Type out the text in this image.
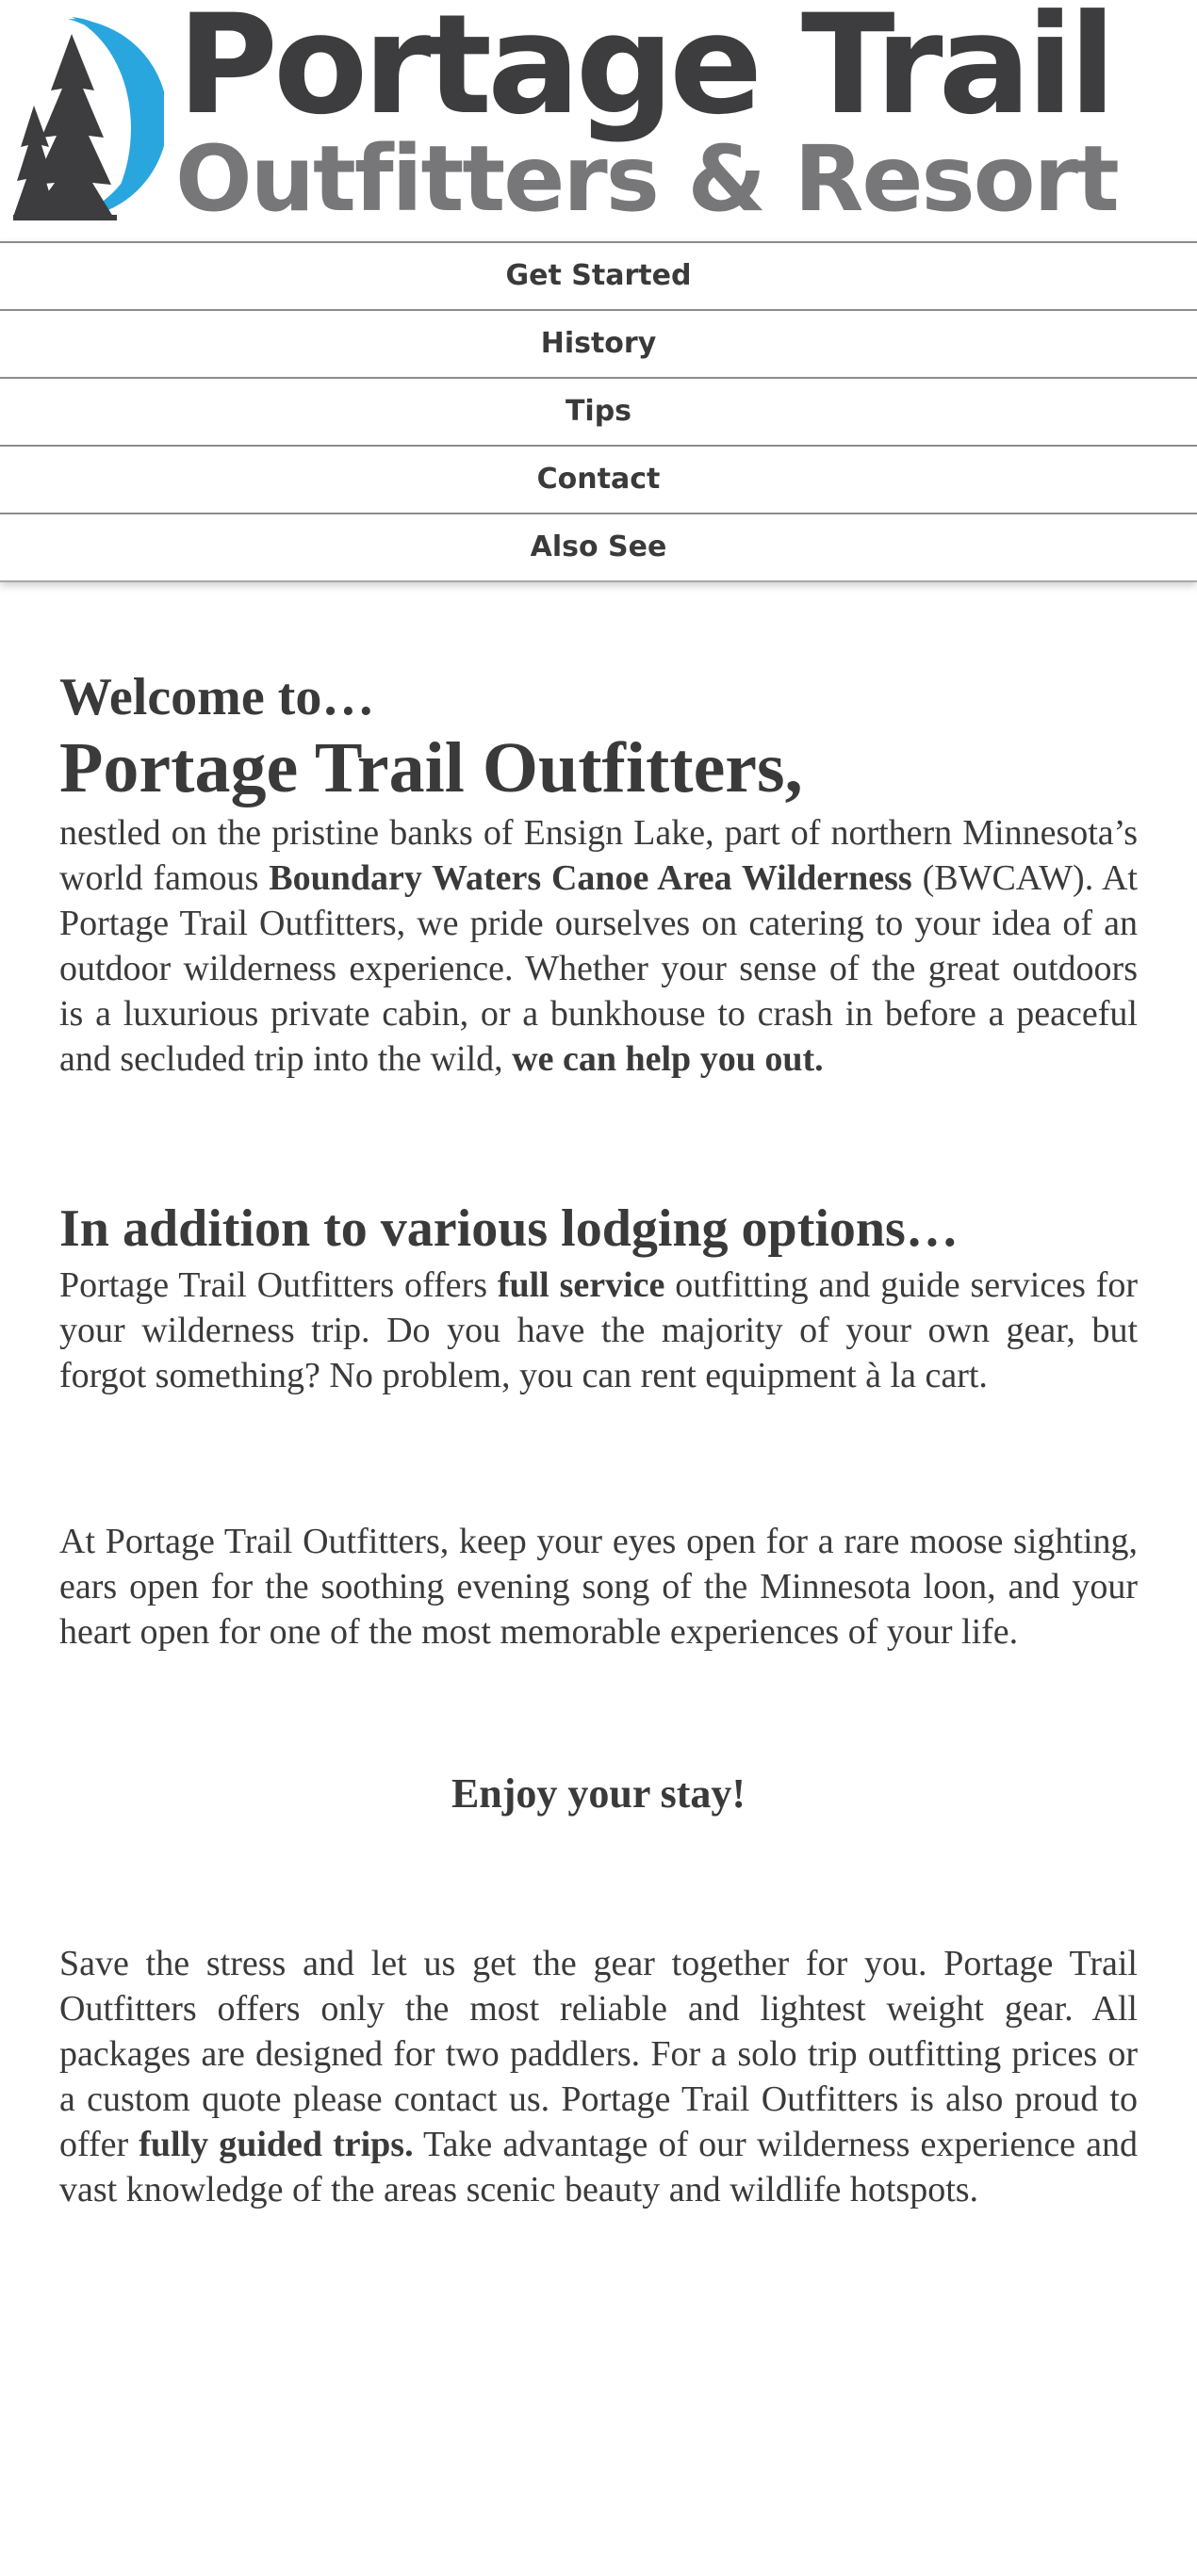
Portage Trail
Outfitters & Resort
Get Started
History
Tips
Contact
Also See
Welcome to…
Portage Trail Outfitters,

nestled on the pristine banks of Ensign Lake, part of northern Minnesota’s world famous Boundary Waters Canoe Area Wilderness (BWCAW). At Portage Trail Outfitters, we pride ourselves on catering to your idea of an outdoor wilderness experience. Whether your sense of the great outdoors is a luxurious private cabin, or a bunkhouse to crash in before a peaceful and secluded trip into the wild, we can help you out.

In addition to various lodging options…

Portage Trail Outfitters offers full service outfitting and guide services for your wilderness trip. Do you have the majority of your own gear, but forgot something? No problem, you can rent equipment à la cart.

At Portage Trail Outfitters, keep your eyes open for a rare moose sighting, ears open for the soothing evening song of the Minnesota loon, and your heart open for one of the most memorable experiences of your life.

Enjoy your stay!

Save the stress and let us get the gear together for you. Portage Trail Outfitters offers only the most reliable and lightest weight gear. All packages are designed for two paddlers. For a solo trip outfitting prices or a custom quote please contact us. Portage Trail Outfitters is also proud to offer fully guided trips. Take advantage of our wilderness experience and vast knowledge of the areas scenic beauty and wildlife hotspots.
